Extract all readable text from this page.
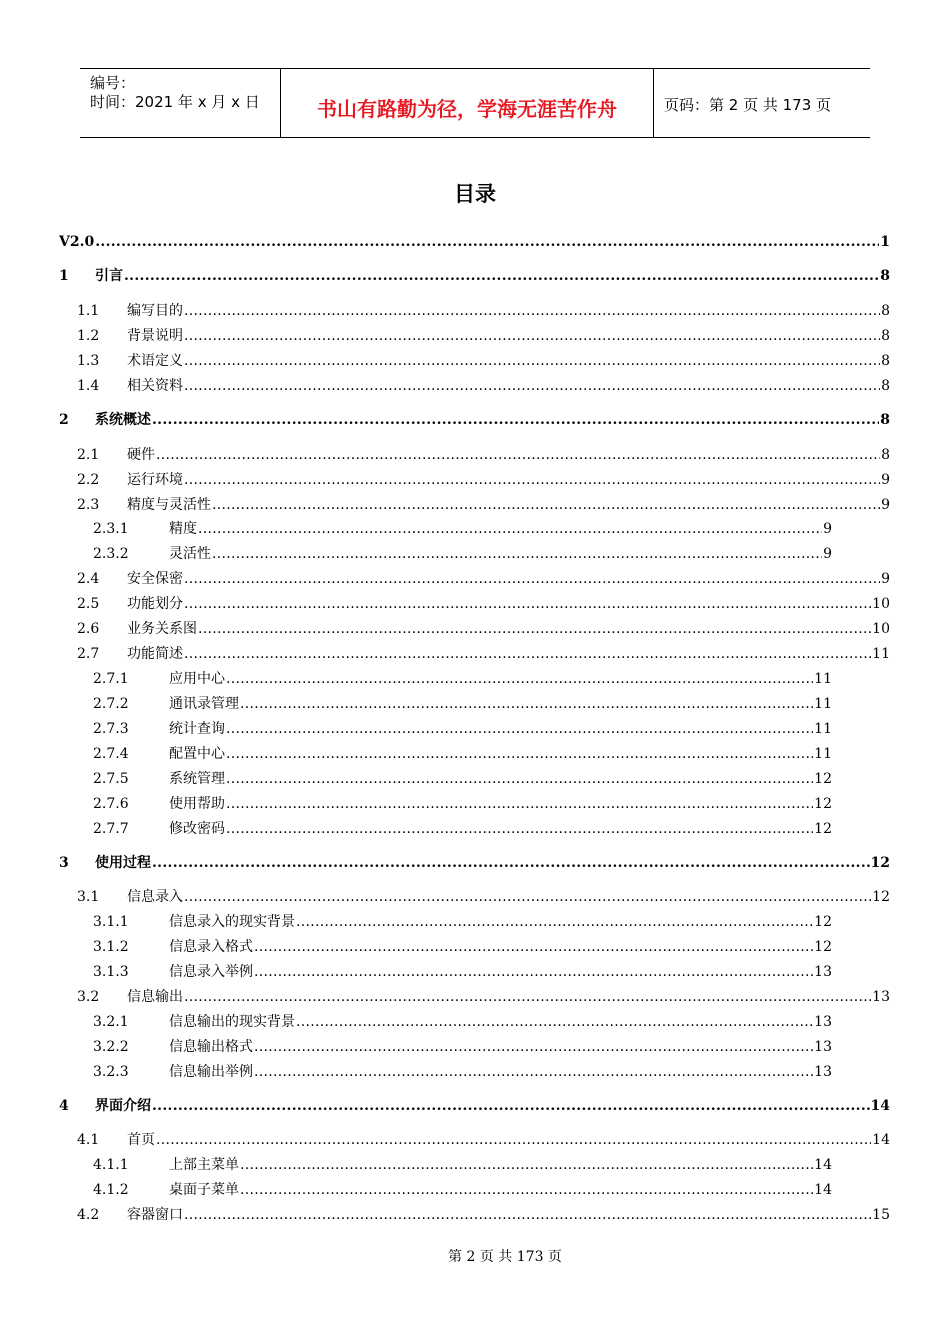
编号：
时间：2021 年 x 月 x 日	书山有路勤为径，学海无涯苦作舟	页码：第 2 页 共 173 页
目录
V2.0 .....	1
1	引言 .....	8
1.1	编写目的 .....	8
1.2	背景说明 .....	8
1.3	术语定义 .....	8
1.4	相关资料 .....	8
2	系统概述 .....	8
2.1	硬件 .....	8
2.2	运行环境 .....	9
2.3	精度与灵活性 .....	9
2.3.1	精度 .....	9
2.3.2	灵活性 .....	9
2.4	安全保密 .....	9
2.5	功能划分 .....	10
2.6	业务关系图 .....	10
2.7	功能简述 .....	11
2.7.1	应用中心 .....	11
2.7.2	通讯录管理 .....	11
2.7.3	统计查询 .....	11
2.7.4	配置中心 .....	11
2.7.5	系统管理 .....	12
2.7.6	使用帮助 .....	12
2.7.7	修改密码 .....	12
3	使用过程 .....	12
3.1	信息录入 .....	12
3.1.1	信息录入的现实背景 .....	12
3.1.2	信息录入格式 .....	12
3.1.3	信息录入举例 .....	13
3.2	信息输出 .....	13
3.2.1	信息输出的现实背景 .....	13
3.2.2	信息输出格式 .....	13
3.2.3	信息输出举例 .....	13
4	界面介绍 .....	14
4.1	首页 .....	14
4.1.1	上部主菜单 .....	14
4.1.2	桌面子菜单 .....	14
4.2	容器窗口 .....	15
第 2 页 共 173 页
